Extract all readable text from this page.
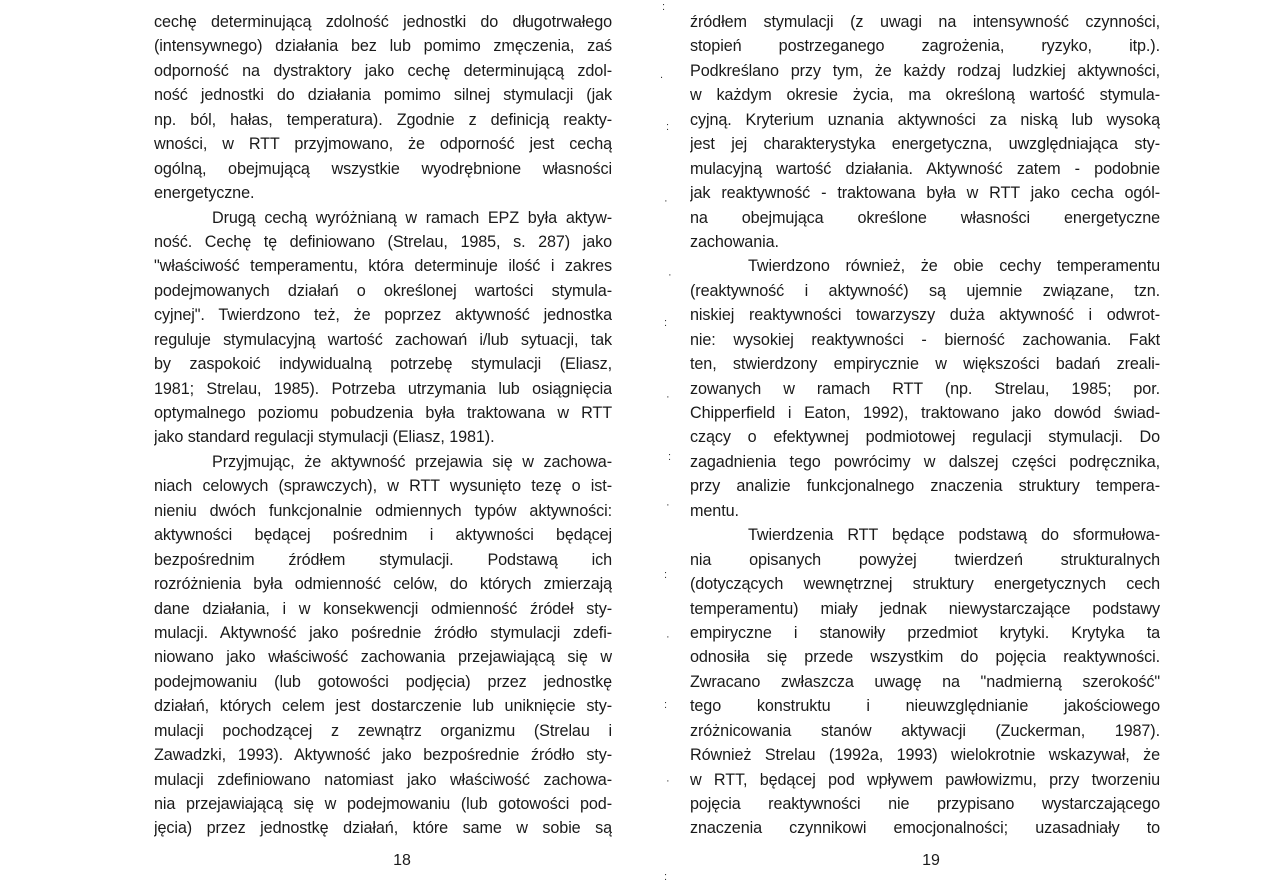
cechę determinującą zdolność jednostki do długotrwałego
(intensywnego) działania bez lub pomimo zmęczenia, zaś
odporność na dystraktory jako cechę determinującą zdol-
ność jednostki do działania pomimo silnej stymulacji (jak
np. ból, hałas, temperatura). Zgodnie z definicją reakty-
wności, w RTT przyjmowano, że odporność jest cechą
ogólną, obejmującą wszystkie wyodrębnione własności
energetyczne.
Drugą cechą wyróżnianą w ramach EPZ była aktyw-
ność. Cechę tę definiowano (Strelau, 1985, s. 287) jako
"właściwość temperamentu, która determinuje ilość i zakres
podejmowanych działań o określonej wartości stymula-
cyjnej". Twierdzono też, że poprzez aktywność jednostka
reguluje stymulacyjną wartość zachowań i/lub sytuacji, tak
by zaspokoić indywidualną potrzebę stymulacji (Eliasz,
1981; Strelau, 1985). Potrzeba utrzymania lub osiągnięcia
optymalnego poziomu pobudzenia była traktowana w RTT
jako standard regulacji stymulacji (Eliasz, 1981).
Przyjmując, że aktywność przejawia się w zachowa-
niach celowych (sprawczych), w RTT wysunięto tezę o ist-
nieniu dwóch funkcjonalnie odmiennych typów aktywności:
aktywności będącej pośrednim i aktywności będącej
bezpośrednim źródłem stymulacji. Podstawą ich
rozróżnienia była odmienność celów, do których zmierzają
dane działania, i w konsekwencji odmienność źródeł sty-
mulacji. Aktywność jako pośrednie źródło stymulacji zdefi-
niowano jako właściwość zachowania przejawiającą się w
podejmowaniu (lub gotowości podjęcia) przez jednostkę
działań, których celem jest dostarczenie lub uniknięcie sty-
mulacji pochodzącej z zewnątrz organizmu (Strelau i
Zawadzki, 1993). Aktywność jako bezpośrednie źródło sty-
mulacji zdefiniowano natomiast jako właściwość zachowa-
nia przejawiającą się w podejmowaniu (lub gotowości pod-
jęcia) przez jednostkę działań, które same w sobie są
18
:
.
:
·
·
:
·
:
·
:
·
:
·
:
źródłem stymulacji (z uwagi na intensywność czynności,
stopień postrzeganego zagrożenia, ryzyko, itp.).
Podkreślano przy tym, że każdy rodzaj ludzkiej aktywności,
w każdym okresie życia, ma określoną wartość stymula-
cyjną. Kryterium uznania aktywności za niską lub wysoką
jest jej charakterystyka energetyczna, uwzględniająca sty-
mulacyjną wartość działania. Aktywność zatem - podobnie
jak reaktywność - traktowana była w RTT jako cecha ogól-
na obejmująca określone własności energetyczne
zachowania.
Twierdzono również, że obie cechy temperamentu
(reaktywność i aktywność) są ujemnie związane, tzn.
niskiej reaktywności towarzyszy duża aktywność i odwrot-
nie: wysokiej reaktywności - bierność zachowania. Fakt
ten, stwierdzony empirycznie w większości badań zreali-
zowanych w ramach RTT (np. Strelau, 1985; por.
Chipperfield i Eaton, 1992), traktowano jako dowód świad-
czący o efektywnej podmiotowej regulacji stymulacji. Do
zagadnienia tego powrócimy w dalszej części podręcznika,
przy analizie funkcjonalnego znaczenia struktury tempera-
mentu.
Twierdzenia RTT będące podstawą do sformułowa-
nia opisanych powyżej twierdzeń strukturalnych
(dotyczących wewnętrznej struktury energetycznych cech
temperamentu) miały jednak niewystarczające podstawy
empiryczne i stanowiły przedmiot krytyki. Krytyka ta
odnosiła się przede wszystkim do pojęcia reaktywności.
Zwracano zwłaszcza uwagę na "nadmierną szerokość"
tego konstruktu i nieuwzględnianie jakościowego
zróżnicowania stanów aktywacji (Zuckerman, 1987).
Również Strelau (1992a, 1993) wielokrotnie wskazywał, że
w RTT, będącej pod wpływem pawłowizmu, przy tworzeniu
pojęcia reaktywności nie przypisano wystarczającego
znaczenia czynnikowi emocjonalności; uzasadniały to
19
